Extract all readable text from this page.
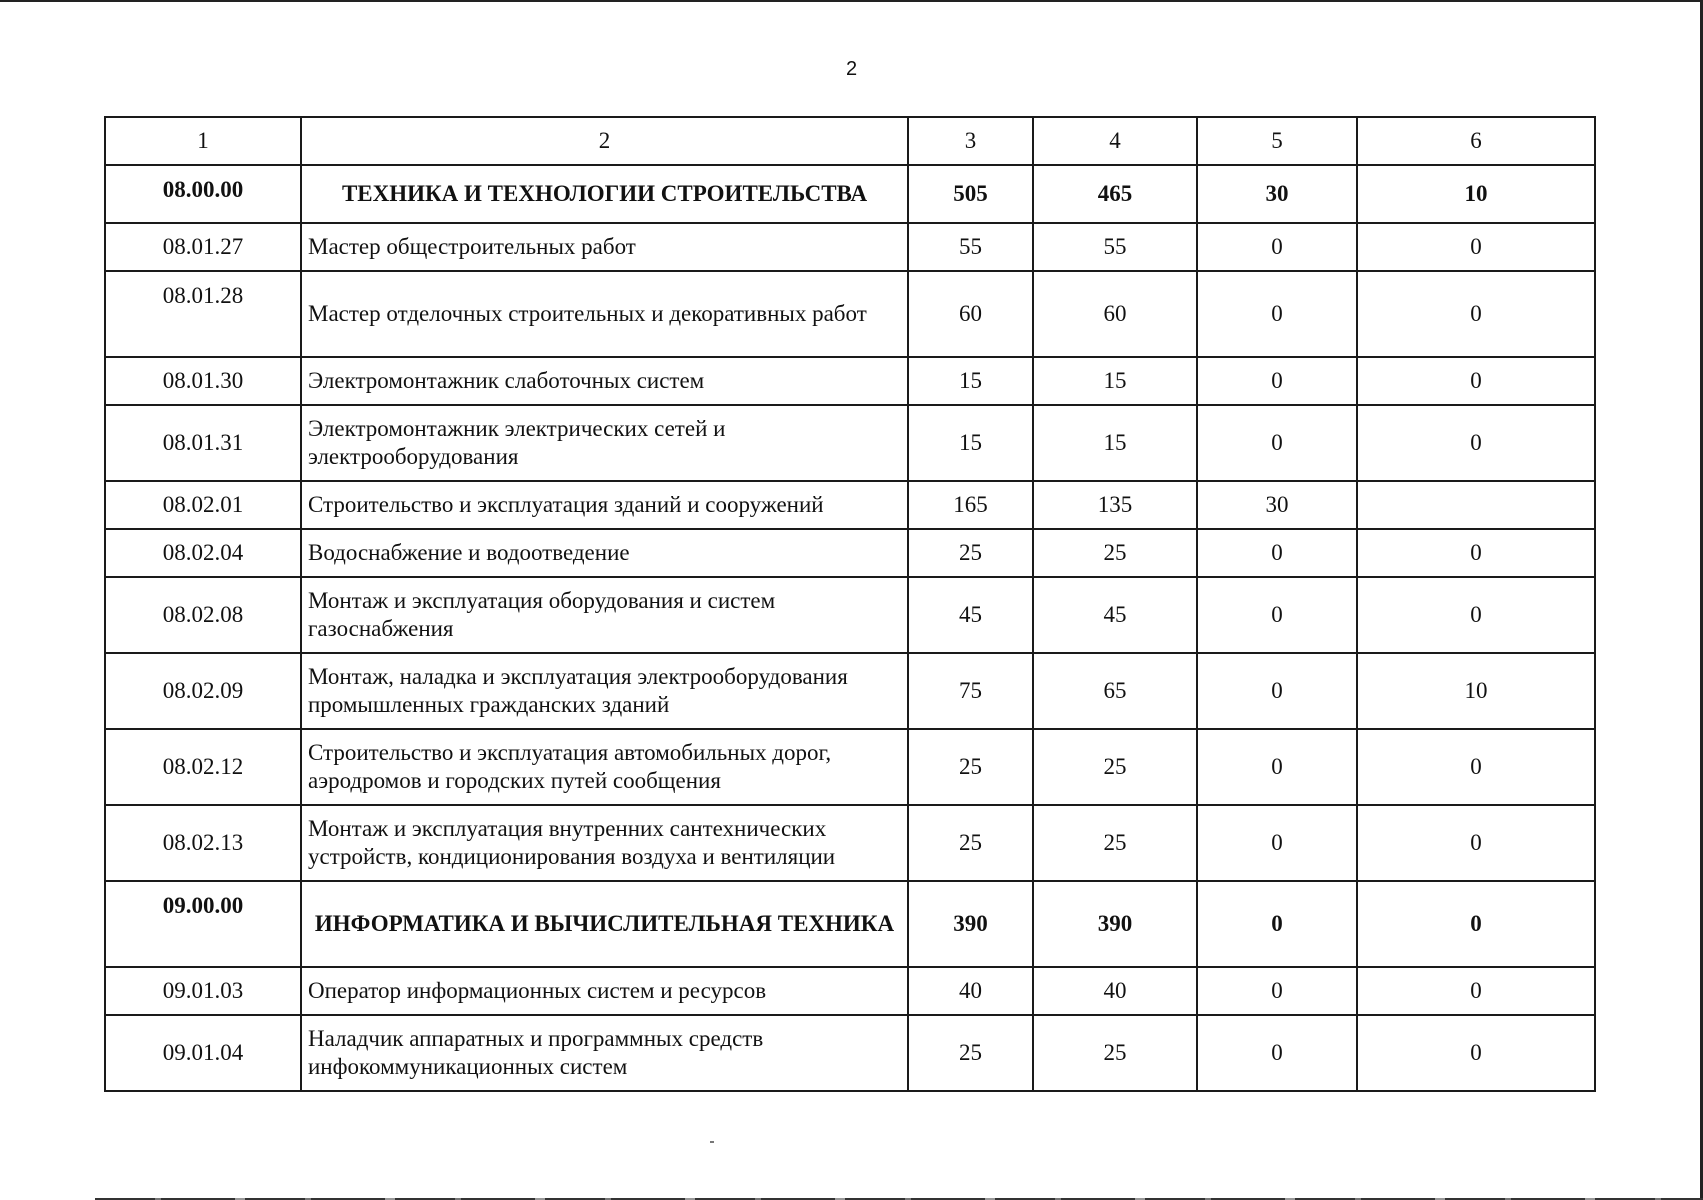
2
1	2	3	4	5	6
08.00.00	ТЕХНИКА И ТЕХНОЛОГИИ СТРОИТЕЛЬСТВА	505	465	30	10
08.01.27	Мастер общестроительных работ	55	55	0	0
08.01.28	Мастер отделочных строительных и декоративных работ	60	60	0	0
08.01.30	Электромонтажник слаботочных систем	15	15	0	0
08.01.31	Электромонтажник электрических сетей и электрооборудования	15	15	0	0
08.02.01	Строительство и эксплуатация зданий и сооружений	165	135	30	
08.02.04	Водоснабжение и водоотведение	25	25	0	0
08.02.08	Монтаж и эксплуатация оборудования и систем газоснабжения	45	45	0	0
08.02.09	Монтаж, наладка и эксплуатация электрооборудования промышленных гражданских зданий	75	65	0	10
08.02.12	Строительство и эксплуатация автомобильных дорог, аэродромов и городских путей сообщения	25	25	0	0
08.02.13	Монтаж и эксплуатация внутренних сантехнических устройств, кондиционирования воздуха и вентиляции	25	25	0	0
09.00.00	ИНФОРМАТИКА И ВЫЧИСЛИТЕЛЬНАЯ ТЕХНИКА	390	390	0	0
09.01.03	Оператор информационных систем и ресурсов	40	40	0	0
09.01.04	Наладчик аппаратных и программных средств инфокоммуникационных систем	25	25	0	0
